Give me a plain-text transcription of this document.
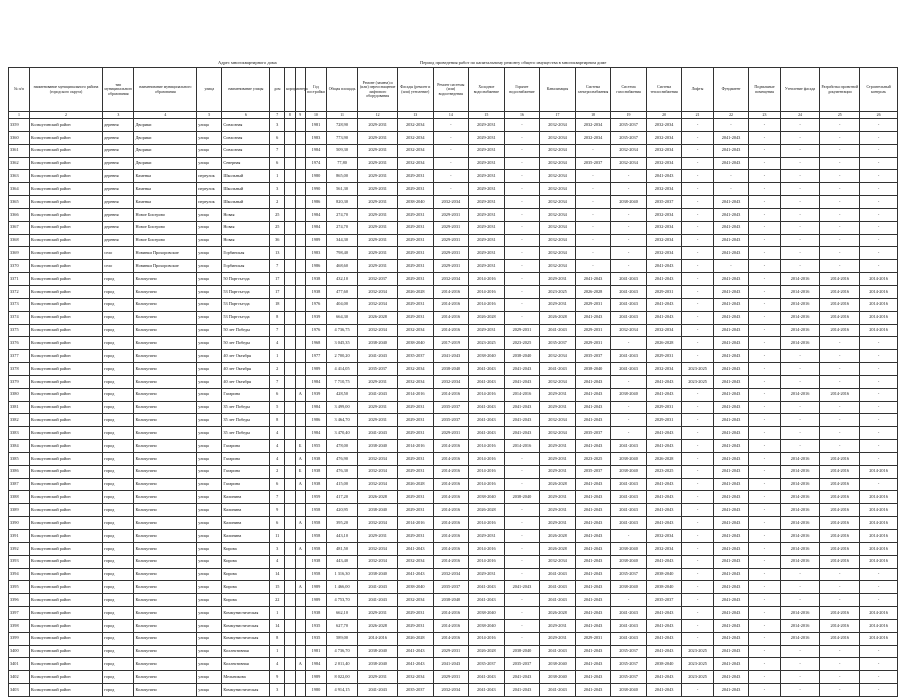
Адрес многоквартирного дома	Период проведения работ по капитальному ремонту общего имущества в многоквартирном доме
№ п/п	наименование муниципального района (городского округа)	тип муниципального образования	наименование муниципального образования	улица	наименование улицы	дом	корпус	литера	Год постройки	Общая площадь	Ремонт (замена) и (или) переоснащение лифтового оборудования	Фасады (ремонт и (или) утепление)	Ремонт системы (или) водоотведения	Холодное водоснабжение	Горячее водоснабжение	Канализация	Система электроснабжения	Система газоснабжения	Система теплоснабжения	Лифты	Фундамент	Подвальные помещения	Утепление фасада	Разработка проектной документации	Строительный контроль
1	2	3	4	5	6	7	8	9	10	11	12	13	14	15	16	17	18	19	20	21	22	23	24	25	26
3359	Кольчугинский район	деревня	Дворики	улица	Совхозная	3			1981	728,90	2029-2031	2032-2034	-	2029-2031	-	2032-2034	2032-2034	2035-2037	2032-2034	-	-	-	-	-	-
3360	Кольчугинский район	деревня	Дворики	улица	Совхозная	6			1983	773,90	2029-2031	2032-2034	-	2029-2031	-	2032-2034	2032-2034	2035-2037	2032-2034	-	2041-2043	-	-	-	-
3361	Кольчугинский район	деревня	Дворики	улица	Совхозная	7			1984	509,30	2029-2031	2032-2034	-	2029-2031	-	2032-2034	-	2032-2034	2032-2034	-	2041-2043	-	-	-	-
3362	Кольчугинский район	деревня	Дворики	улица	Северная	6			1974	77,80	2029-2031	2032-2034	-	2029-2031	-	2032-2034	2035-2037	2032-2034	2032-2034	-	2041-2043	-	-	-	-
3363	Кольчугинский район	деревня	Каменка	переулок	Школьный	1			1980	865,00	2029-2031	2029-2031	-	2029-2031	-	2032-2034	-	-	2041-2043	-	-	-	-	-	-
3364	Кольчугинский район	деревня	Каменка	переулок	Школьный	3			1990	561,30	2029-2031	2029-2031	-	2029-2031	-	2032-2034	-	-	2032-2034	-	-	-	-	-	-
3365	Кольчугинский район	деревня	Каменка	переулок	Школьный	2			1986	820,30	2029-2031	2038-2040	2032-2034	2029-2031	-	2032-2034	-	2038-2040	2035-2037	-	2041-2043	-	-	-	-
3366	Кольчугинский район	деревня	Новое Бисерово	улица	Новая	25			1984	274,70	2029-2031	2029-2031	2029-2031	2029-2031	-	2032-2034	-	-	2032-2034	-	2041-2043	-	-	-	-
3367	Кольчугинский район	деревня	Новое Бисерово	улица	Новая	25			1984	274,70	2029-2031	2029-2031	2029-2031	2029-2031	-	2032-2034	-	-	2032-2034	-	2041-2043	-	-	-	-
3368	Кольчугинский район	деревня	Новое Бисерово	улица	Новая	36			1989	344,30	2029-2031	2029-2031	2029-2031	2029-2031	-	2032-2034	-	-	2032-2034	-	2041-2043	-	-	-	-
3369	Кольчугинский район	село	Новинки Прохоровские	улица	Горбинская	13			1983	798,40	2029-2031	2029-2031	2029-2031	2029-2031	-	2032-2034	-	-	2032-2034	-	2041-2043	-	-	-	-
3370	Кольчугинский район	село	Новинки Прохоровские	улица	Горбинская	7			1986	468,60	2029-2031	2029-2031	2029-2031	2029-2031	-	2032-2034	-	-	2041-2043	-	-	-	-	-	-
3371	Кольчугинский район	город	Кольчугино	улица	50 Партсъезда	17			1938	432,10	2032-2037	2029-2031	2032-2034	2014-2016	-	2029-2031	2041-2043	2041-2043	2041-2043	-	2041-2043	-	2014-2016	2014-2016	2014-2016
3372	Кольчугинский район	город	Кольчугино	улица	53 Партсъезда	17			1938	477,60	2032-2034	2026-2028	2014-2016	2014-2016	-	2023-2025	2026-2028	2041-2043	2029-2031	-	2041-2043	-	2014-2016	2014-2016	2014-2016
3373	Кольчугинский район	город	Кольчугино	улица	53 Партсъезда	18			1976	404,00	2032-2034	2029-2031	2014-2016	2014-2016	-	2029-2031	2029-2031	2041-2043	2041-2043	-	2041-2043	-	2014-2016	2014-2016	2014-2016
3374	Кольчугинский район	город	Кольчугино	улица	53 Партсъезда	8			1939	664,30	2026-2028	2029-2031	2014-2016	2026-2028	-	2026-2028	2041-2043	2041-2043	2041-2043	-	2041-2043	-	2014-2016	2014-2016	2014-2016
3375	Кольчугинский район	город	Кольчугино	улица	50 лет Победы	7			1976	4 736,75	2032-2034	2032-2034	2014-2016	2029-2031	2029-2031	2041-2043	2029-2031	2032-2034	2032-2034	-	2041-2043	-	2014-2016	2014-2016	2014-2016
3376	Кольчугинский район	город	Кольчугино	улица	50 лет Победы	4			1968	3 045,35	2038-2040	2038-2040	2017-2019	2023-2025	2023-2025	2035-2037	2029-2031	-	2026-2028	-	2041-2043	-	2014-2016	-	-
3377	Кольчугинский район	город	Кольчугино	улица	40 лет Октября	1			1977	2 700,20	2041-2043	2035-2037	2041-2043	2038-2040	2038-2040	2032-2034	2035-2037	2041-2043	2029-2031	-	2041-2043	-	-	-	-
3378	Кольчугинский район	город	Кольчугино	улица	40 лет Октября	2			1989	4 414,05	2035-2037	2032-2034	2038-2040	2041-2043	2041-2043	2041-2043	2038-2040	2041-2043	2032-2034	2023-2025	2041-2043	-	-	-	-
3379	Кольчугинский район	город	Кольчугино	улица	40 лет Октября	7			1984	7 710,75	2029-2031	2032-2034	2032-2034	2041-2043	2041-2043	2032-2034	2041-2043	-	2041-2043	2023-2025	2041-2043	-	-	-	-
3380	Кольчугинский район	город	Кольчугино	улица	Гагарина	6		А	1939	428,50	2041-2043	2014-2016	2014-2016	2014-2016	2014-2016	2029-2031	2041-2043	2038-2040	2041-2043	-	2041-2043	-	2014-2016	2014-2016	-
3381	Кольчугинский район	город	Кольчугино	улица	35 лет Победы	5			1984	3 499,00	2029-2031	2029-2031	2035-2037	2041-2043	2041-2043	2029-2031	2041-2043	-	2029-2031	-	2041-2043	-	-	-	-
3382	Кольчугинский район	город	Кольчугино	улица	35 лет Победы	8			1986	3 464,70	2029-2031	2029-2031	2035-2037	2041-2043	2041-2043	2032-2034	2041-2043	-	2029-2031	-	2041-2043	-	-	-	-
3383	Кольчугинский район	город	Кольчугино	улица	35 лет Победы	4			1984	3 470,40	2041-2043	2029-2031	2029-2031	2041-2043	2041-2043	2032-2034	2035-2037	-	2041-2043	-	2041-2043	-	-	-	-
3384	Кольчугинский район	город	Кольчугино	улица	Гагарина	4		Б	1955	478,00	2038-2040	2014-2016	2014-2016	2014-2016	2014-2016	2029-2031	2041-2043	2041-2043	2041-2043	-	2041-2043	-	-	-	-
3385	Кольчугинский район	город	Кольчугино	улица	Гагарина	4		А	1938	476,90	2032-2034	2029-2031	2014-2016	2014-2016	-	2029-2031	2023-2025	2038-2040	2026-2028	-	2041-2043	-	2014-2016	2014-2016	-
3386	Кольчугинский район	город	Кольчугино	улица	Гагарина	2		Б	1938	476,30	2032-2034	2029-2031	2014-2016	2014-2016	-	2029-2031	2035-2037	2038-2040	2023-2025	-	2041-2043	-	2014-2016	2014-2016	2014-2016
3387	Кольчугинский район	город	Кольчугино	улица	Гагарина	6		А	1938	415,00	2032-2034	2026-2028	2014-2016	2014-2016	-	2026-2028	2041-2043	2041-2043	2041-2043	-	2041-2043	-	2014-2016	2014-2016	-
3388	Кольчугинский район	город	Кольчугино	улица	Калинина	7			1959	417,20	2026-2028	2029-2031	2014-2016	2038-2040	2038-2040	2029-2031	2041-2043	2041-2043	2041-2043	-	2041-2043	-	2014-2016	2014-2016	2014-2016
3389	Кольчугинский район	город	Кольчугино	улица	Калинина	9			1958	420,95	2038-2040	2029-2031	2014-2016	2026-2028	-	2029-2031	2041-2043	2041-2043	2041-2043	-	2041-2043	-	2014-2016	2014-2016	2014-2016
3390	Кольчугинский район	город	Кольчугино	улица	Калинина	6		А	1958	395,20	2032-2034	2014-2016	2014-2016	2014-2016	-	2029-2031	2041-2043	2041-2043	2041-2043	-	2041-2043	-	2014-2016	2014-2016	2014-2016
3391	Кольчугинский район	город	Кольчугино	улица	Калинина	11			1958	443,10	2029-2031	2029-2031	2014-2016	2029-2031	-	2026-2028	2041-2043	-	2032-2034	-	2041-2043	-	2014-2016	2014-2016	2014-2016
3392	Кольчугинский район	город	Кольчугино	улица	Кирова	3		А	1958	481,50	2032-2034	2041-2043	2014-2016	2014-2016	-	2026-2028	2041-2043	2038-2040	2032-2034	-	2041-2043	-	2014-2016	2014-2016	2014-2016
3393	Кольчугинский район	город	Кольчугино	улица	Кирова	4			1938	443,40	2032-2034	2032-2034	2014-2016	2014-2016	-	2032-2034	2041-2043	2038-2040	2041-2043	-	2041-2043	-	2014-2016	2014-2016	2014-2016
3394	Кольчугинский район	город	Кольчугино	улица	Кирова	14			1958	1 316,30	2038-2040	2041-2043	2032-2034	2029-2031	-	2041-2043	2041-2043	2035-2037	2038-2040	-	2041-2043	-	-	-	-
3395	Кольчугинский район	город	Кольчугино	улица	Кирова	15		А	1989	1 466,00	2041-2043	2038-2040	2035-2037	2041-2043	2041-2043	2041-2043	2041-2043	2038-2040	2038-2040	-	2041-2043	-	-	-	-
3396	Кольчугинский район	город	Кольчугино	улица	Кирова	22			1989	4 753,70	2041-2043	2032-2034	2038-2040	2041-2043	-	2041-2043	2041-2043	-	2035-2037	-	2041-2043	-	-	-	-
3397	Кольчугинский район	город	Кольчугино	улица	Коммунистическая	1			1938	662,10	2029-2031	2029-2031	2014-2016	2038-2040	-	2026-2028	2041-2043	2041-2043	2041-2043	-	2041-2043	-	2014-2016	2014-2016	2014-2016
3398	Кольчугинский район	город	Кольчугино	улица	Коммунистическая	14			1935	627,70	2026-2028	2029-2031	2014-2016	2038-2040	-	2029-2031	2041-2043	2041-2043	2041-2043	-	2041-2043	-	2014-2016	2014-2016	2014-2016
3399	Кольчугинский район	город	Кольчугино	улица	Коммунистическая	8			1935	589,00	2014-2016	2026-2028	2014-2016	2014-2016	-	2029-2031	2029-2031	2041-2043	2041-2043	-	2041-2043	-	2014-2016	2014-2016	2014-2016
3400	Кольчугинский район	город	Кольчугино	улица	Коллективная	1			1981	4 736,70	2038-2040	2041-2043	2029-2031	2026-2028	2038-2040	2041-2043	2041-2043	2035-2037	2041-2043	2023-2025	2041-2043	-	-	-	-
3401	Кольчугинский район	город	Кольчугино	улица	Коллективная	4		А	1984	2 011,40	2038-2040	2041-2043	2041-2043	2035-2037	2035-2037	2038-2040	2041-2043	2035-2037	2038-2040	2023-2025	2041-2043	-	-	-	-
3402	Кольчугинский район	город	Кольчугино	улица	Мельникова	9			1989	8 022,00	2029-2031	2032-2034	2029-2031	2041-2043	2041-2043	2038-2040	2041-2043	2035-2037	2041-2043	2023-2025	2041-2043	-	-	-	-
3403	Кольчугинский район	город	Кольчугино	улица	Коммунистическая	3			1980	4 914,15	2041-2043	2035-2037	2032-2034	2041-2043	2041-2043	2041-2043	2041-2043	2038-2040	2041-2043	-	2041-2043	-	-	-	-
